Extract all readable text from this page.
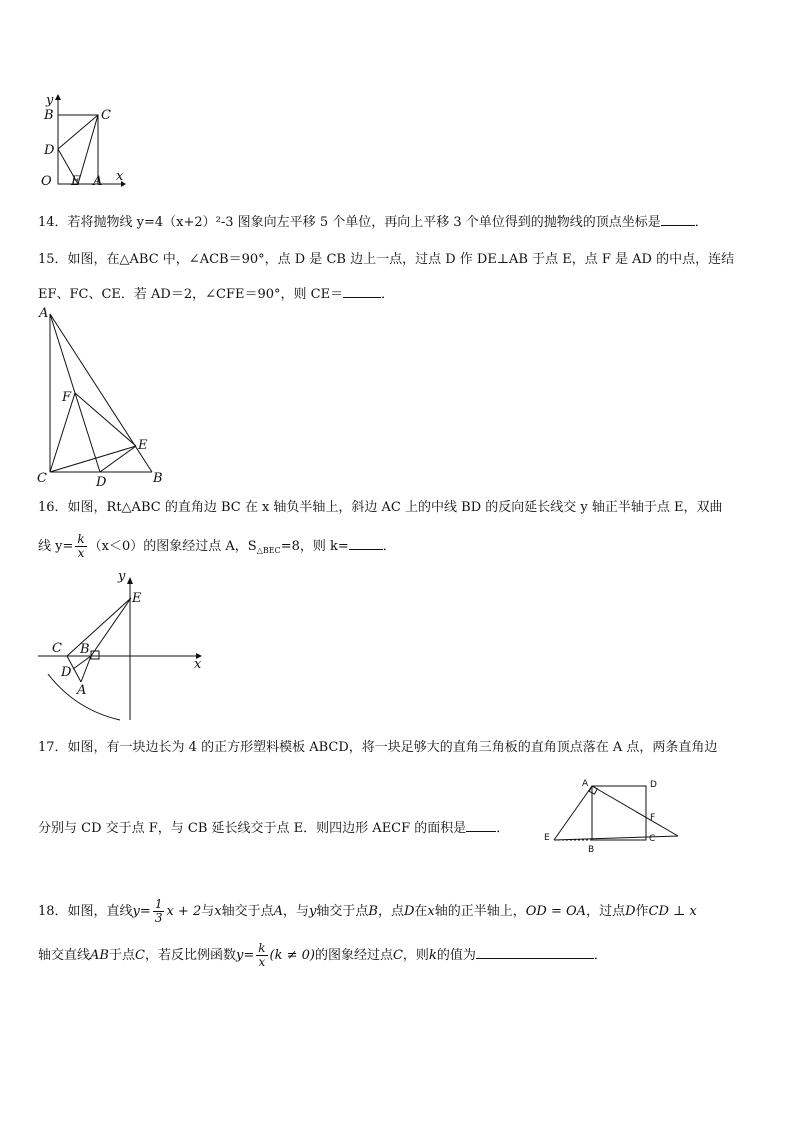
y
B	C
D
O E A x
14．若将抛物线 y=4（x+2）²-3 图象向左平移 5 个单位，再向上平移 3 个单位得到的抛物线的顶点坐标是	．
15．如图，在△ABC 中，∠ACB＝90°，点 D 是 CB 边上一点，过点 D 作 DE⊥AB 于点 E，点 F 是 AD 的中点，连结
EF、FC、CE．若 AD＝2，∠CFE＝90°，则 CE＝	．
A
F
E
C	D	B
16．如图，Rt△ABC 的直角边 BC 在 x 轴负半轴上，斜边 AC 上的中线 BD 的反向延长线交 y 轴正半轴于点 E，双曲
线 $y= \frac{k}{x} (x<0)$的图象经过点 A，$S_{\triangle BEC}=8$，则 k=	．
y
E
C B
D
A
x
17．如图，有一块边长为 4 的正方形塑料模板 ABCD，将一块足够大的直角三角板的直角顶点落在 A 点，两条直角边
分别与 CD 交于点 F，与 CB 延长线交于点 E．则四边形 AECF 的面积是 ．
A	D
F
E
B
C
18．如图，直线$y= \frac{1}{3}$ x + 2与x轴交于点A，与y轴交于点B，点D在x轴的正半轴上，OD = OA，过点D作CD ⊥ x
轴交直线AB于点C，若反比例函数$y= \frac{k}{x} (k \ne 0)$的图象经过点C，则k的值为	．
